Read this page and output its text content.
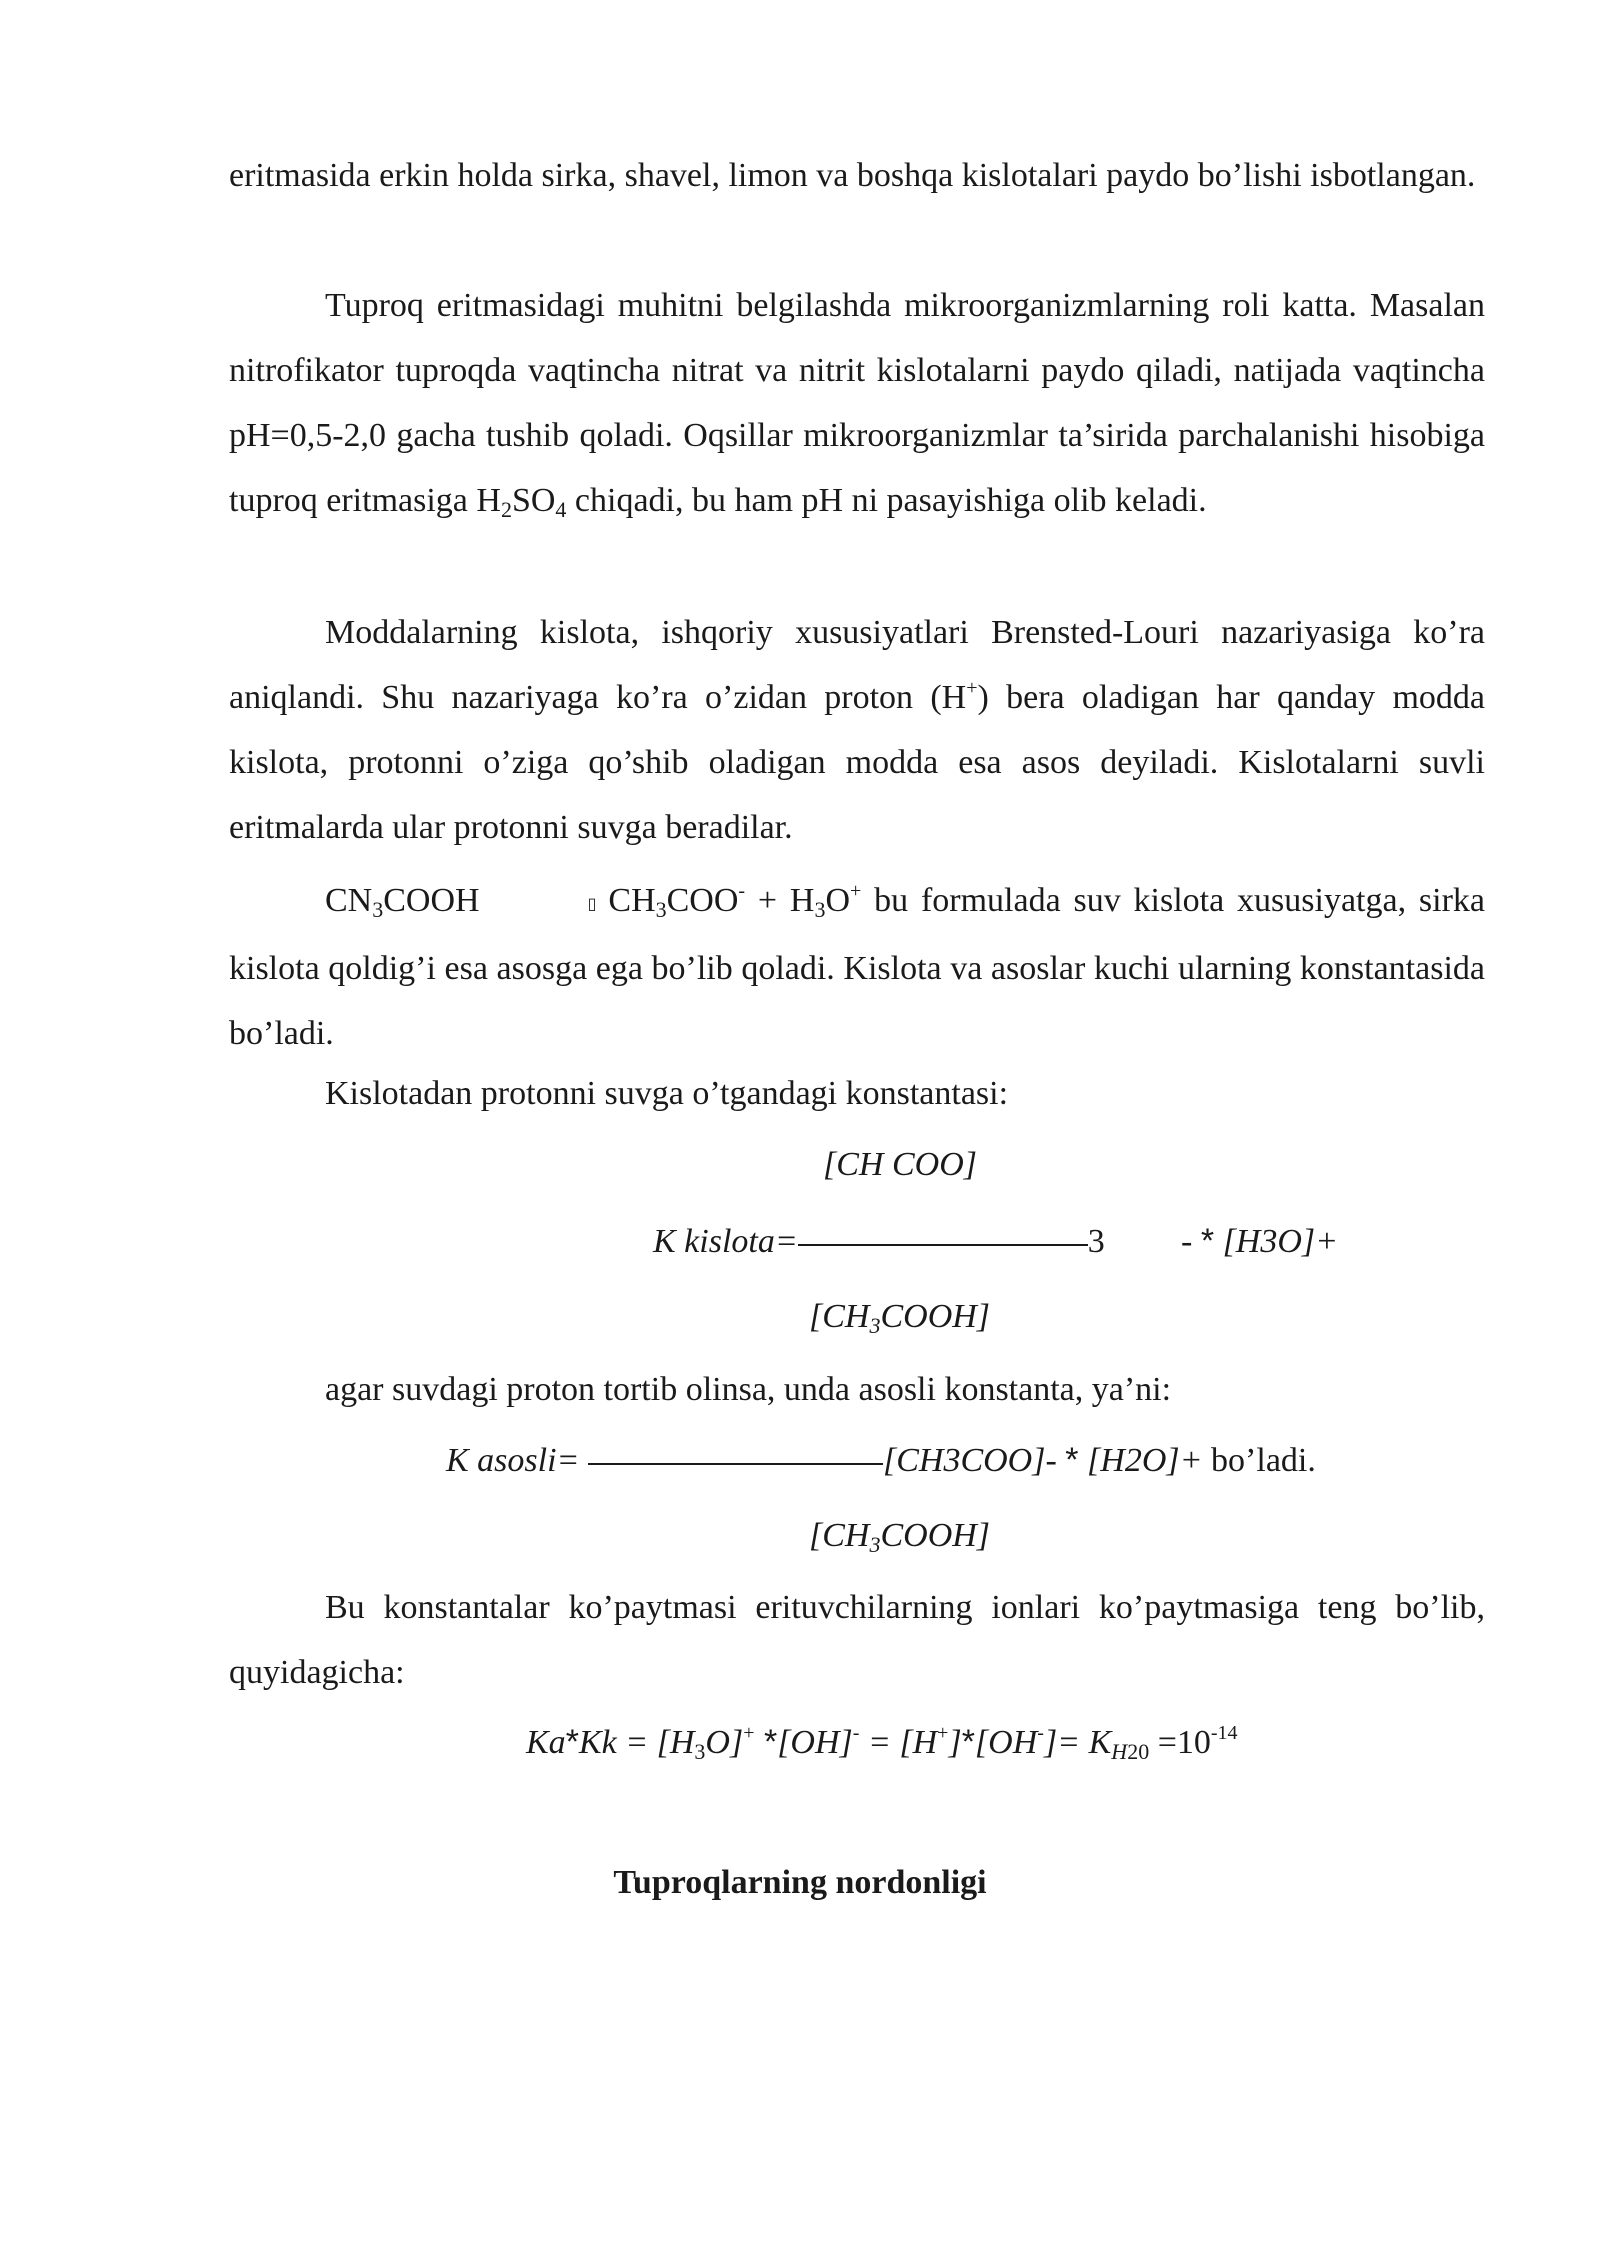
eritmasida erkin holda sirka, shavel, limon va boshqa kislotalari paydo bo’lishi isbotlangan.

Tuproq eritmasidagi muhitni belgilashda mikroorganizmlarning roli katta. Masalan nitrofikator tuproqda vaqtincha nitrat va nitrit kislotalarni paydo qiladi, natijada vaqtincha pH=0,5-2,0 gacha tushib qoladi. Oqsillar mikroorganizmlar ta’sirida parchalanishi hisobiga tuproq eritmasiga $H_2SO_4$ chiqadi, bu ham pH ni pasayishiga olib keladi.

Moddalarning kislota, ishqoriy xususiyatlari Brensted-Louri nazariyasiga ko’ra aniqlandi. Shu nazariyaga ko’ra o’zidan proton (H+) bera oladigan har qanday modda kislota, protonni o’ziga qo’shib oladigan modda esa asos deyiladi. Kislotalarni suvli eritmalarda ular protonni suvga beradilar.

$CN_3COOH$	▯ $CH_3COO^- + H_3O^+$ bu formulada suv kislota xususiyatga, sirka kislota qoldig’i esa asosga ega bo’lib qoladi. Kislota va asoslar kuchi ularning konstantasida bo’ladi.

Kislotadan protonni suvga o’tgandagi konstantasi:

[CH COO]

K kislota=	3 - * [H3O]+

$[CH_3COOH]$

agar suvdagi proton tortib olinsa, unda asosli konstanta, ya’ni:

K asosli=	[CH3COO]- * [H2O]+ bo’ladi.

$[CH_3COOH]$

Bu konstantalar ko’paytmasi erituvchilarning ionlari ko’paytmasiga teng bo’lib, quyidagicha:

$Ka*Kk = [H_3O]^+$ $*[OH]^- = [H^+]*[OH^-]= K_{H20} =10^{-14}$

Tuproqlarning nordonligi
